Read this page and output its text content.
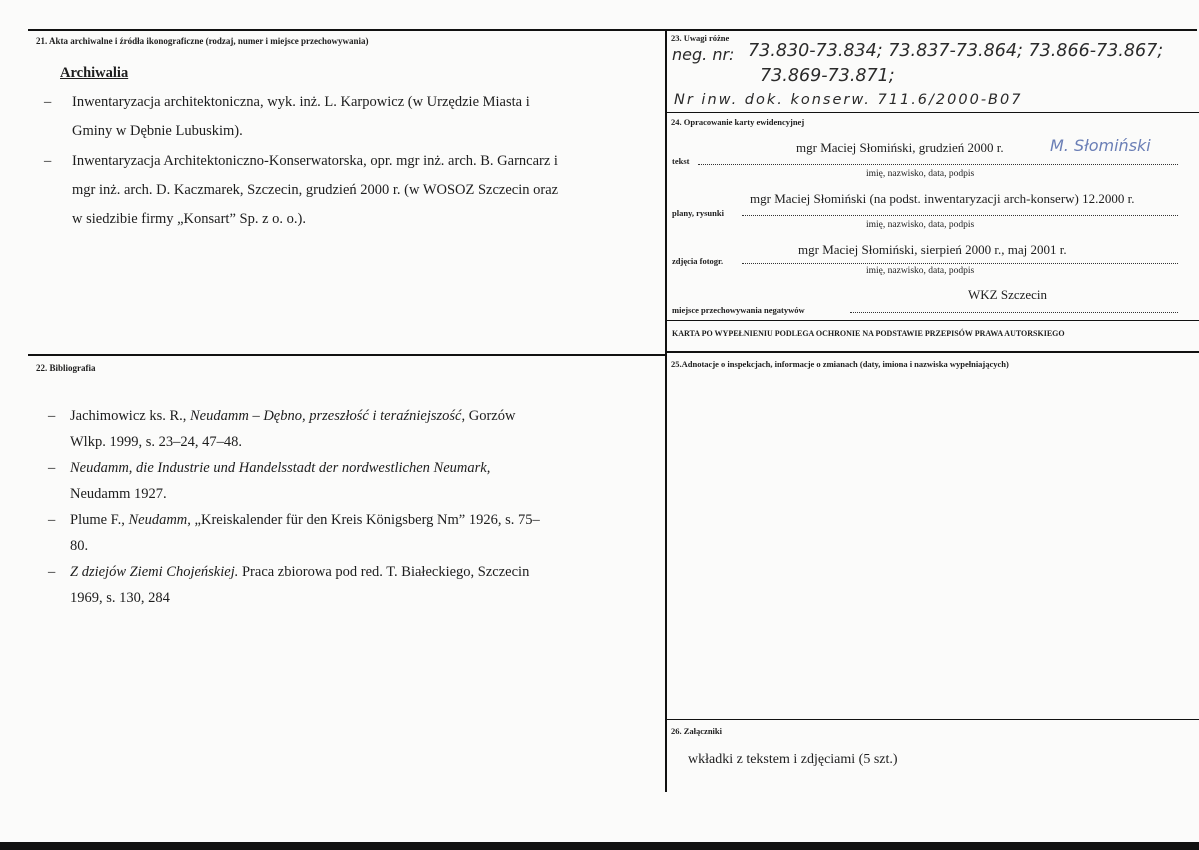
21. Akta archiwalne i źródła ikonograficzne (rodzaj, numer i miejsce przechowywania)
Archiwalia
– Inwentaryzacja architektoniczna, wyk. inż. L. Karpowicz (w Urzędzie Miasta i
Gminy w Dębnie Lubuskim).
– Inwentaryzacja Architektoniczno-Konserwatorska, opr. mgr inż. arch. B. Garncarz i
mgr inż. arch. D. Kaczmarek, Szczecin, grudzień 2000 r. (w WOSOZ Szczecin oraz
w siedzibie firmy „Konsart” Sp. z o. o.).
22. Bibliografia
– Jachimowicz ks. R., Neudamm – Dębno, przeszłość i teraźniejszość, Gorzów
Wlkp. 1999, s. 23–24, 47–48.
– Neudamm, die Industrie und Handelsstadt der nordwestlichen Neumark,
Neudamm 1927.
– Plume F., Neudamm, „Kreiskalender für den Kreis Königsberg Nm” 1926, s. 75–
80.
– Z dziejów Ziemi Chojeńskiej. Praca zbiorowa pod red. T. Białeckiego, Szczecin
1969, s. 130, 284
23. Uwagi różne
neg. nr: 73.830-73.834; 73.837-73.864; 73.866-73.867;
73.869-73.871;
Nr inw. dok. konserw. 711.6/2000-B07
24. Opracowanie karty ewidencyjnej
tekst
mgr Maciej Słomiński, grudzień 2000 r.	M. Słomiński
imię, nazwisko, data, podpis
plany, rysunki
mgr Maciej Słomiński (na podst. inwentaryzacji arch-konserw) 12.2000 r.
imię, nazwisko, data, podpis
zdjęcia fotogr.
mgr Maciej Słomiński, sierpień 2000 r., maj 2001 r.
imię, nazwisko, data, podpis
miejsce przechowywania negatywów
WKZ Szczecin
KARTA PO WYPEŁNIENIU PODLEGA OCHRONIE NA PODSTAWIE PRZEPISÓW PRAWA AUTORSKIEGO
25.Adnotacje o inspekcjach, informacje o zmianach (daty, imiona i nazwiska wypełniających)
26. Załączniki
wkładki z tekstem i zdjęciami (5 szt.)
